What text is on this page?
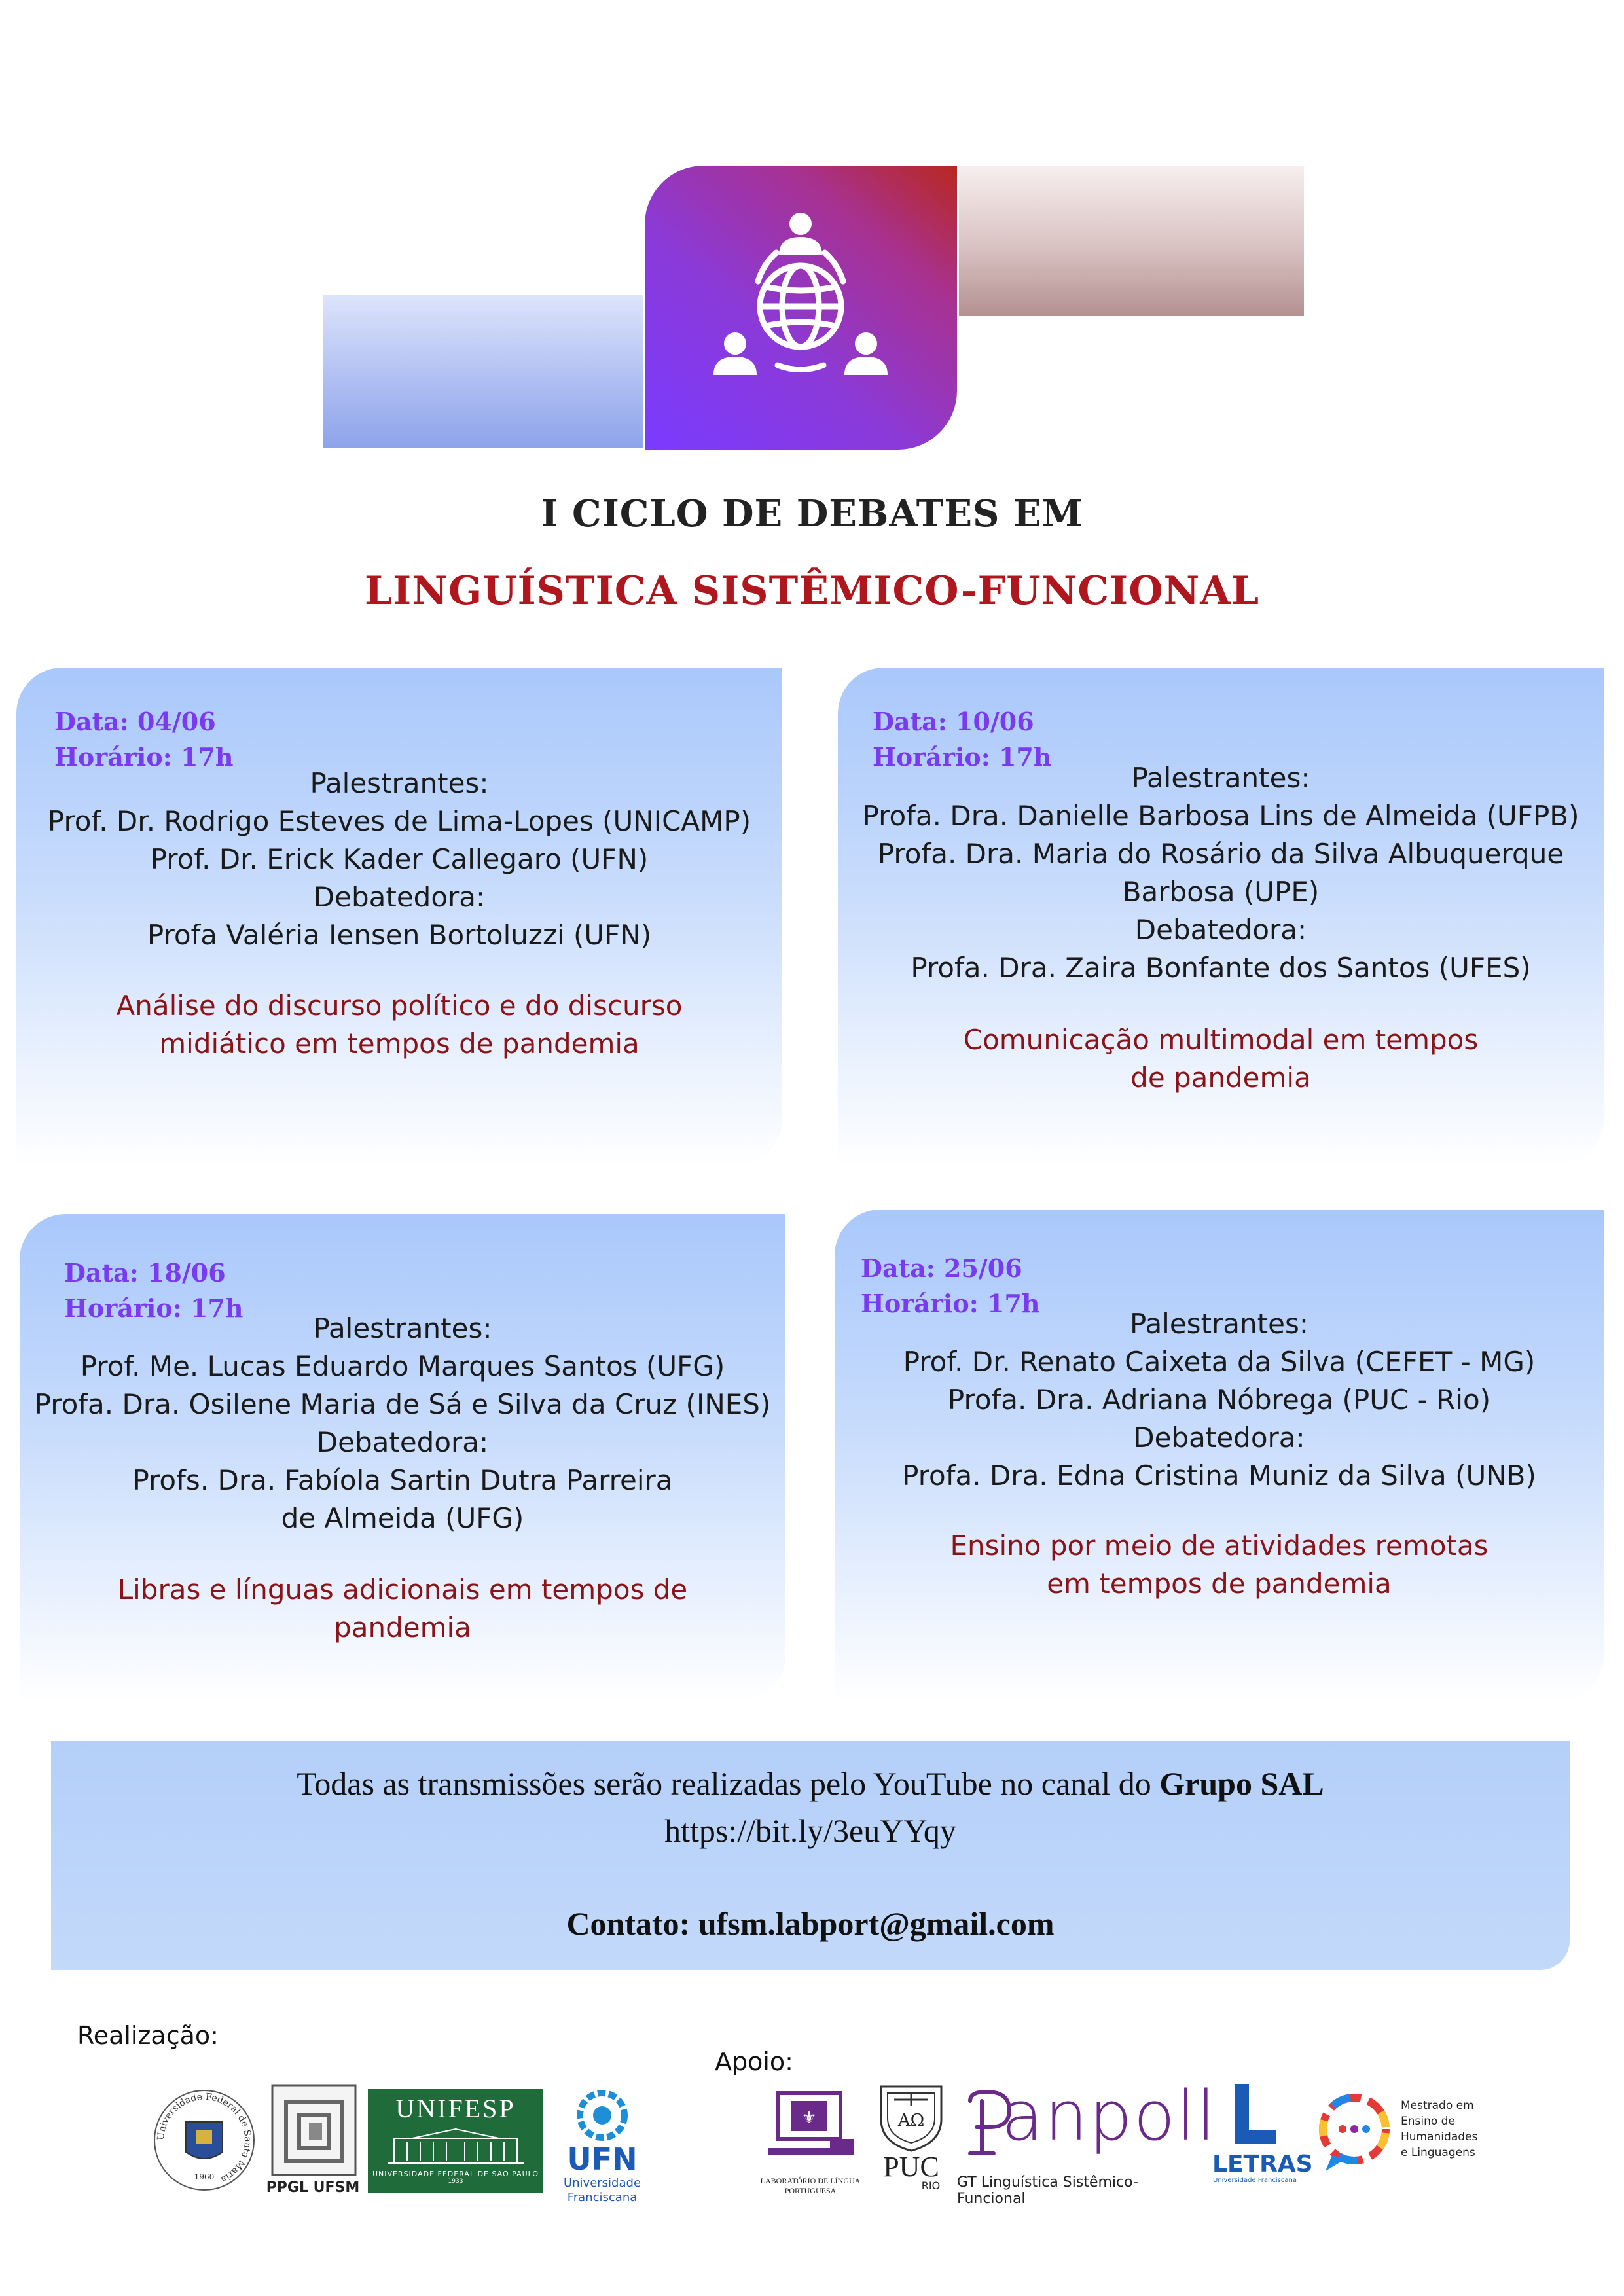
I CICLO DE DEBATES EM
LINGUÍSTICA SISTÊMICO-FUNCIONAL
Data: 04/06
Horário: 17h
Palestrantes:
Prof. Dr. Rodrigo Esteves de Lima-Lopes (UNICAMP)
Prof. Dr. Erick Kader Callegaro (UFN)
Debatedora:
Profa Valéria Iensen Bortoluzzi (UFN)
Análise do discurso político e do discurso
midiático em tempos de pandemia
Data: 10/06
Horário: 17h
Palestrantes:
Profa. Dra. Danielle Barbosa Lins de Almeida (UFPB)
Profa. Dra. Maria do Rosário da Silva Albuquerque
Barbosa (UPE)
Debatedora:
Profa. Dra. Zaira Bonfante dos Santos (UFES)
Comunicação multimodal em tempos
de pandemia
Data: 18/06
Horário: 17h
Palestrantes:
Prof. Me. Lucas Eduardo Marques Santos (UFG)
Profa. Dra. Osilene Maria de Sá e Silva da Cruz (INES)
Debatedora:
Profs. Dra. Fabíola Sartin Dutra Parreira
de Almeida (UFG)
Libras e línguas adicionais em tempos de
pandemia
Data: 25/06
Horário: 17h
Palestrantes:
Prof. Dr. Renato Caixeta da Silva (CEFET - MG)
Profa. Dra. Adriana Nóbrega (PUC - Rio)
Debatedora:
Profa. Dra. Edna Cristina Muniz da Silva (UNB)
Ensino por meio de atividades remotas
em tempos de pandemia
Todas as transmissões serão realizadas pelo YouTube no canal do Grupo SAL
https://bit.ly/3euYYqy
Contato: ufsm.labport@gmail.com
Realização:
Apoio:
Universidade Federal de Santa Maria
1960
PPGL UFSM
UNIFESP
UNIVERSIDADE FEDERAL DE SÃO PAULO
1933
UFN
Universidade
Franciscana
⚜
LABORATÓRIO DE LÍNGUA PORTUGUESA
ΑΩ
PUC
RIO
anpoll
GT Linguística Sistêmico-Funcional
LETRAS
Universidade Franciscana
Mestrado em
Ensino de
Humanidades
e Linguagens
